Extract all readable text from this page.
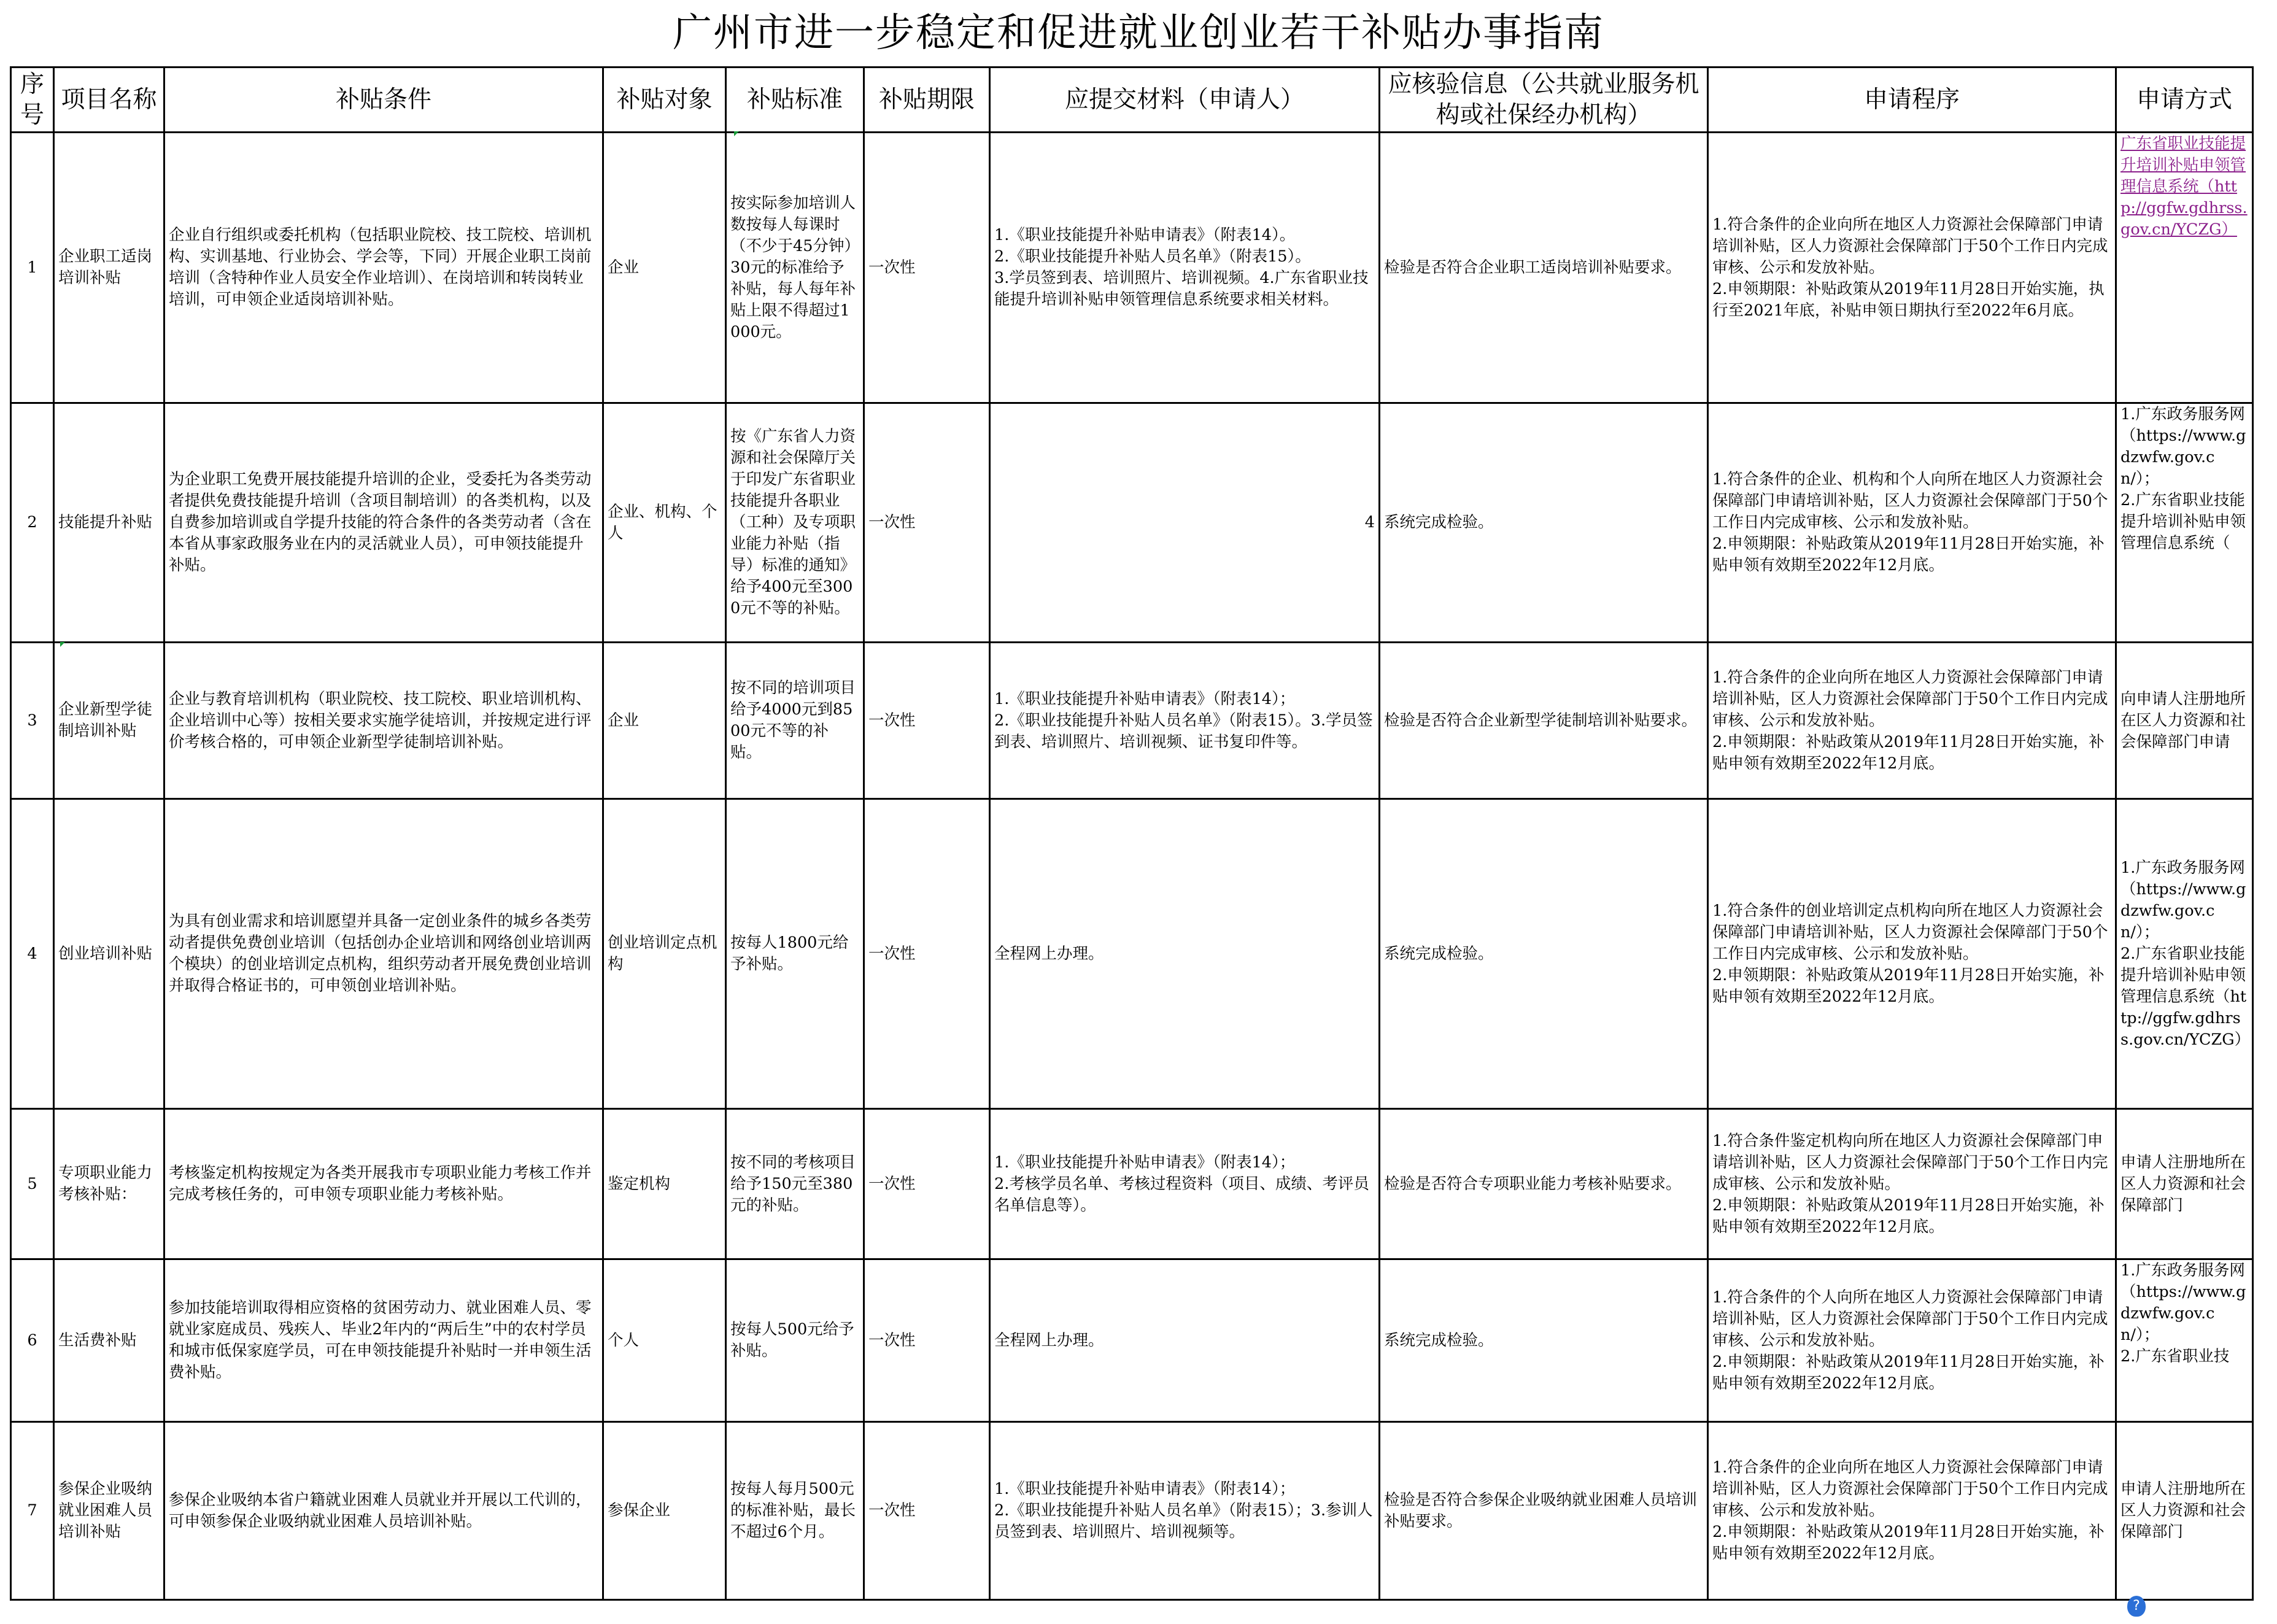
广州市进一步稳定和促进就业创业若干补贴办事指南
序号	项目名称	补贴条件	补贴对象	补贴标准	补贴期限	应提交材料（申请人）	应核验信息（公共就业服务机构或社保经办机构）	申请程序	申请方式
1	企业职工适岗培训补贴	企业自行组织或委托机构（包括职业院校、技工院校、培训机构、实训基地、行业协会、学会等，下同）开展企业职工岗前培训（含特种作业人员安全作业培训）、在岗培训和转岗转业培训，可申领企业适岗培训补贴。	企业	按实际参加培训人数按每人每课时（不少于45分钟）30元的标准给予补贴，每人每年补贴上限不得超过1000元。	一次性	1.《职业技能提升补贴申请表》（附表14）。
2.《职业技能提升补贴人员名单》（附表15）。
3.学员签到表、培训照片、培训视频。4.广东省职业技能提升培训补贴申领管理信息系统要求相关材料。	检验是否符合企业职工适岗培训补贴要求。	1.符合条件的企业向所在地区人力资源社会保障部门申请培训补贴，区人力资源社会保障部门于50个工作日内完成审核、公示和发放补贴。
2.申领期限：补贴政策从2019年11月28日开始实施，执行至2021年底，补贴申领日期执行至2022年6月底。	广东省职业技能提升培训补贴申领管理信息系统（http://ggfw.gdhrss.gov.cn/YCZG）
2	技能提升补贴	为企业职工免费开展技能提升培训的企业，受委托为各类劳动者提供免费技能提升培训（含项目制培训）的各类机构，以及自费参加培训或自学提升技能的符合条件的各类劳动者（含在本省从事家政服务业在内的灵活就业人员），可申领技能提升补贴。	企业、机构、个人	按《广东省人力资源和社会保障厅关于印发广东省职业技能提升各职业（工种）及专项职业能力补贴（指导）标准的通知》给予400元至3000元不等的补贴。	一次性	4	系统完成检验。	1.符合条件的企业、机构和个人向所在地区人力资源社会保障部门申请培训补贴，区人力资源社会保障部门于50个工作日内完成审核、公示和发放补贴。
2.申领期限：补贴政策从2019年11月28日开始实施，补贴申领有效期至2022年12月底。	1.广东政务服务网（https://www.gdzwfw.gov.cn/）；
2.广东省职业技能提升培训补贴申领管理信息系统（
3	企业新型学徒制培训补贴	企业与教育培训机构（职业院校、技工院校、职业培训机构、企业培训中心等）按相关要求实施学徒培训，并按规定进行评价考核合格的，可申领企业新型学徒制培训补贴。	企业	按不同的培训项目给予4000元到8500元不等的补贴。	一次性	1.《职业技能提升补贴申请表》（附表14）；
2.《职业技能提升补贴人员名单》（附表15）。3.学员签到表、培训照片、培训视频、证书复印件等。	检验是否符合企业新型学徒制培训补贴要求。	1.符合条件的企业向所在地区人力资源社会保障部门申请培训补贴，区人力资源社会保障部门于50个工作日内完成审核、公示和发放补贴。
2.申领期限：补贴政策从2019年11月28日开始实施，补贴申领有效期至2022年12月底。	向申请人注册地所在区人力资源和社会保障部门申请
4	创业培训补贴	为具有创业需求和培训愿望并具备一定创业条件的城乡各类劳动者提供免费创业培训（包括创办企业培训和网络创业培训两个模块）的创业培训定点机构，组织劳动者开展免费创业培训并取得合格证书的，可申领创业培训补贴。	创业培训定点机构	按每人1800元给予补贴。	一次性	全程网上办理。	系统完成检验。	1.符合条件的创业培训定点机构向所在地区人力资源社会保障部门申请培训补贴，区人力资源社会保障部门于50个工作日内完成审核、公示和发放补贴。
2.申领期限：补贴政策从2019年11月28日开始实施，补贴申领有效期至2022年12月底。	1.广东政务服务网（https://www.gdzwfw.gov.cn/）；
2.广东省职业技能提升培训补贴申领管理信息系统（http://ggfw.gdhrss.gov.cn/YCZG）
5	专项职业能力考核补贴：	考核鉴定机构按规定为各类开展我市专项职业能力考核工作并完成考核任务的，可申领专项职业能力考核补贴。	鉴定机构	按不同的考核项目给予150元至380元的补贴。	一次性	1.《职业技能提升补贴申请表》（附表14）；
2.考核学员名单、考核过程资料（项目、成绩、考评员名单信息等）。	检验是否符合专项职业能力考核补贴要求。	1.符合条件鉴定机构向所在地区人力资源社会保障部门申请培训补贴，区人力资源社会保障部门于50个工作日内完成审核、公示和发放补贴。
2.申领期限：补贴政策从2019年11月28日开始实施，补贴申领有效期至2022年12月底。	申请人注册地所在区人力资源和社会保障部门
6	生活费补贴	参加技能培训取得相应资格的贫困劳动力、就业困难人员、零就业家庭成员、残疾人、毕业2年内的“两后生”中的农村学员和城市低保家庭学员，可在申领技能提升补贴时一并申领生活费补贴。	个人	按每人500元给予补贴。	一次性	全程网上办理。	系统完成检验。	1.符合条件的个人向所在地区人力资源社会保障部门申请培训补贴，区人力资源社会保障部门于50个工作日内完成审核、公示和发放补贴。
2.申领期限：补贴政策从2019年11月28日开始实施，补贴申领有效期至2022年12月底。	1.广东政务服务网（https://www.gdzwfw.gov.cn/）；
2.广东省职业技
7	参保企业吸纳就业困难人员培训补贴	参保企业吸纳本省户籍就业困难人员就业并开展以工代训的，可申领参保企业吸纳就业困难人员培训补贴。	参保企业	按每人每月500元的标准补贴，最长不超过6个月。	一次性	1.《职业技能提升补贴申请表》（附表14）；
2.《职业技能提升补贴人员名单》（附表15）；3.参训人员签到表、培训照片、培训视频等。	检验是否符合参保企业吸纳就业困难人员培训补贴要求。	1.符合条件的企业向所在地区人力资源社会保障部门申请培训补贴，区人力资源社会保障部门于50个工作日内完成审核、公示和发放补贴。
2.申领期限：补贴政策从2019年11月28日开始实施，补贴申领有效期至2022年12月底。	申请人注册地所在区人力资源和社会保障部门
?
